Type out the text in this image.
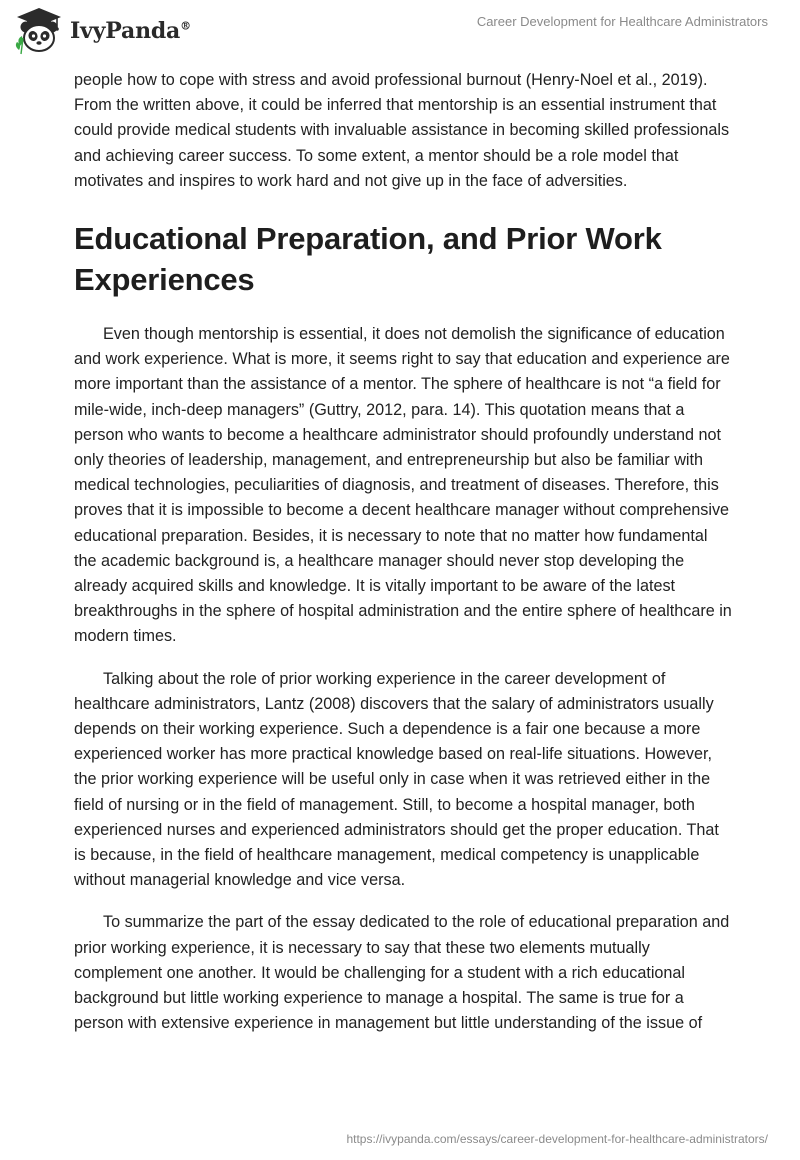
IvyPanda®	Career Development for Healthcare Administrators

people how to cope with stress and avoid professional burnout (Henry-Noel et al., 2019). From the written above, it could be inferred that mentorship is an essential instrument that could provide medical students with invaluable assistance in becoming skilled professionals and achieving career success. To some extent, a mentor should be a role model that motivates and inspires to work hard and not give up in the face of adversities.

Educational Preparation, and Prior Work Experiences

Even though mentorship is essential, it does not demolish the significance of education and work experience. What is more, it seems right to say that education and experience are more important than the assistance of a mentor. The sphere of healthcare is not “a field for mile-wide, inch-deep managers” (Guttry, 2012, para. 14). This quotation means that a person who wants to become a healthcare administrator should profoundly understand not only theories of leadership, management, and entrepreneurship but also be familiar with medical technologies, peculiarities of diagnosis, and treatment of diseases. Therefore, this proves that it is impossible to become a decent healthcare manager without comprehensive educational preparation. Besides, it is necessary to note that no matter how fundamental the academic background is, a healthcare manager should never stop developing the already acquired skills and knowledge. It is vitally important to be aware of the latest breakthroughs in the sphere of hospital administration and the entire sphere of healthcare in modern times.

Talking about the role of prior working experience in the career development of healthcare administrators, Lantz (2008) discovers that the salary of administrators usually depends on their working experience. Such a dependence is a fair one because a more experienced worker has more practical knowledge based on real-life situations. However, the prior working experience will be useful only in case when it was retrieved either in the field of nursing or in the field of management. Still, to become a hospital manager, both experienced nurses and experienced administrators should get the proper education. That is because, in the field of healthcare management, medical competency is unapplicable without managerial knowledge and vice versa.

To summarize the part of the essay dedicated to the role of educational preparation and prior working experience, it is necessary to say that these two elements mutually complement one another. It would be challenging for a student with a rich educational background but little working experience to manage a hospital. The same is true for a person with extensive experience in management but little understanding of the issue of

https://ivypanda.com/essays/career-development-for-healthcare-administrators/
